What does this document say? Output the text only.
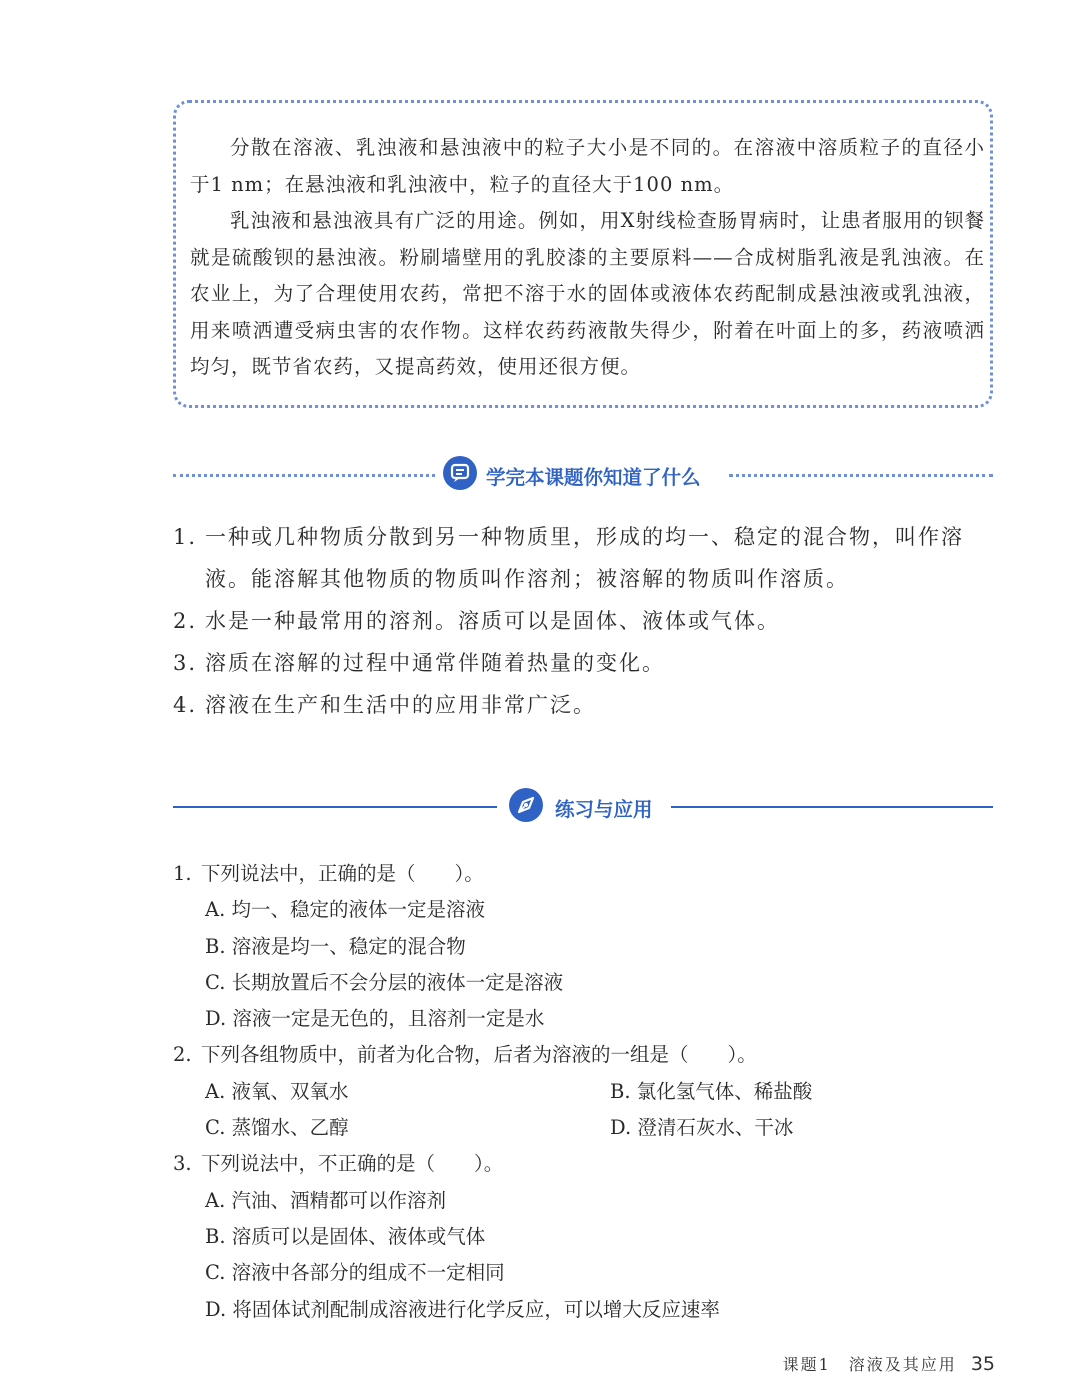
分散在溶液、乳浊液和悬浊液中的粒子大小是不同的。在溶液中溶质粒子的直径小于1 nm；在悬浊液和乳浊液中，粒子的直径大于100 nm。

乳浊液和悬浊液具有广泛的用途。例如，用X射线检查肠胃病时，让患者服用的钡餐就是硫酸钡的悬浊液。粉刷墙壁用的乳胶漆的主要原料——合成树脂乳液是乳浊液。在农业上，为了合理使用农药，常把不溶于水的固体或液体农药配制成悬浊液或乳浊液，用来喷洒遭受病虫害的农作物。这样农药药液散失得少，附着在叶面上的多，药液喷洒均匀，既节省农药，又提高药效，使用还很方便。

学完本课题你知道了什么
1. 一种或几种物质分散到另一种物质里，形成的均一、稳定的混合物，叫作溶液。能溶解其他物质的物质叫作溶剂；被溶解的物质叫作溶质。
2. 水是一种最常用的溶剂。溶质可以是固体、液体或气体。
3. 溶质在溶解的过程中通常伴随着热量的变化。
4. 溶液在生产和生活中的应用非常广泛。
练习与应用
1. 下列说法中，正确的是（　　）。
A. 均一、稳定的液体一定是溶液
B. 溶液是均一、稳定的混合物
C. 长期放置后不会分层的液体一定是溶液
D. 溶液一定是无色的，且溶剂一定是水
2. 下列各组物质中，前者为化合物，后者为溶液的一组是（　　）。
A. 液氧、双氧水	B. 氯化氢气体、稀盐酸
C. 蒸馏水、乙醇	D. 澄清石灰水、干冰
3. 下列说法中，不正确的是（　　）。
A. 汽油、酒精都可以作溶剂
B. 溶质可以是固体、液体或气体
C. 溶液中各部分的组成不一定相同
D. 将固体试剂配制成溶液进行化学反应，可以增大反应速率
课题1　溶液及其应用 35
